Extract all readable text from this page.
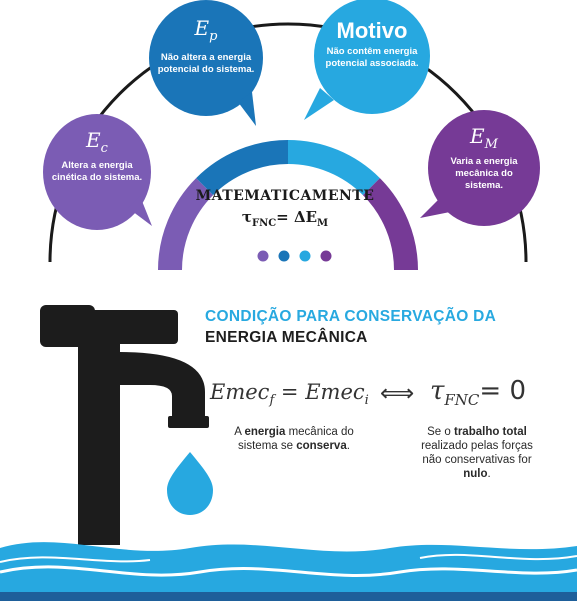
$E_c$
Altera a energia
cinética do sistema.
$E_p$
Não altera a energia
potencial do sistema.
Motivo
Não contêm energia
potencial associada.
$E_M$
Varia a energia
mecânica do
sistema.
MATEMATICAMENTE
$\tau_{FNC}= \Delta E_M$
CONDIÇÃO PARA CONSERVAÇÃO DA
ENERGIA MECÂNICA
Emec$_f$ = Emec$_i$ ⟺ $\tau_{FNC}= 0$
A energia mecânica do
sistema se conserva.
Se o trabalho total
realizado pelas forças
não conservativas for
nulo.
